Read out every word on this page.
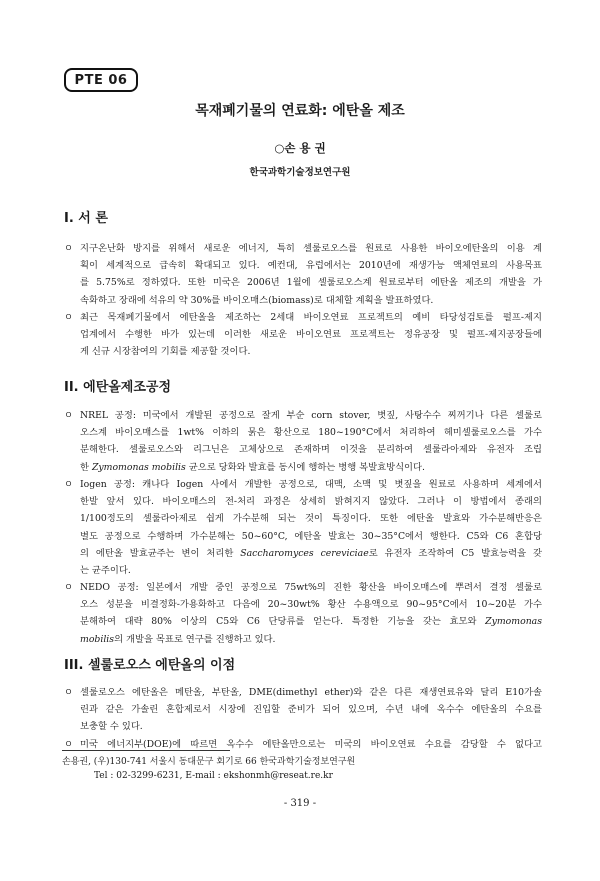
PTE 06
목재폐기물의 연료화: 에탄올 제조
○손 용 권
한국과학기술정보연구원
I. 서 론
ㅇ 지구온난화 방지를 위해서 새로운 에너지, 특히 셀룰로오스를 원료로 사용한 바이오에탄올의 이용 계
획이 세계적으로 급속히 확대되고 있다. 예컨대, 유럽에서는 2010년에 재생가능 액체연료의 사용목표
를 5.75%로 정하였다. 또한 미국은 2006년 1월에 셀룰로오스계 원료로부터 에탄올 제조의 개발을 가
속화하고 장래에 석유의 약 30%를 바이오매스(biomass)로 대체할 계획을 발표하였다.
ㅇ 최근 목재폐기물에서 에탄올을 제조하는 2세대 바이오연료 프로젝트의 예비 타당성검토를 펄프-제지
업계에서 수행한 바가 있는데 이러한 새로운 바이오연료 프로젝트는 정유공장 및 펄프-제지공장들에
게 신규 시장참여의 기회를 제공할 것이다.
II. 에탄올제조공정
ㅇ NREL 공정: 미국에서 개발된 공정으로 잘게 부순 corn stover, 볏짚, 사탕수수 찌꺼기나 다른 셀룰로
오스계 바이오매스를 1wt% 이하의 묽은 황산으로 180~190°C에서 처리하여 헤미셀룰로오스를 가수
분해한다. 셀룰로오스와 리그닌은 고체상으로 존재하며 이것을 분리하여 셀룰라아제와 유전자 조립
한 Zymomonas mobilis 균으로 당화와 발효를 동시에 행하는 병행 복발효방식이다.
ㅇ Iogen 공정: 캐나다 Iogen 사에서 개발한 공정으로, 대맥, 소맥 및 볏짚을 원료로 사용하며 세계에서
한발 앞서 있다. 바이오매스의 전-처리 과정은 상세히 밝혀지지 않았다. 그러나 이 방법에서 종래의
1/100정도의 셀룰라아제로 쉽게 가수분해 되는 것이 특징이다. 또한 에탄올 발효와 가수분해반응은
별도 공정으로 수행하며 가수분해는 50~60°C, 에탄올 발효는 30~35°C에서 행한다. C5와 C6 혼합당
의 에탄올 발효균주는 변이 처리한 Saccharomyces cereviciae로 유전자 조작하여 C5 발효능력을 갖
는 균주이다.
ㅇ NEDO 공정: 일본에서 개발 중인 공정으로 75wt%의 진한 황산을 바이오매스에 뿌려서 결정 셀룰로
오스 성분을 비결정화-가용화하고 다음에 20~30wt% 황산 수용액으로 90~95°C에서 10~20분 가수
분해하여 대략 80% 이상의 C5와 C6 단당류를 얻는다. 특정한 기능을 갖는 효모와 Zymomonas
mobilis의 개발을 목표로 연구를 진행하고 있다.
III. 셀룰로오스 에탄올의 이점
ㅇ 셀룰로오스 에탄올은 메탄올, 부탄올, DME(dimethyl ether)와 같은 다른 재생연료유와 달리 E10가솔
린과 같은 가솔린 혼합제로서 시장에 진입할 준비가 되어 있으며, 수년 내에 옥수수 에탄올의 수요를
보충할 수 있다.
ㅇ 미국 에너지부(DOE)에 따르면 옥수수 에탄올만으로는 미국의 바이오연료 수요를 감당할 수 없다고
손용권, (우)130-741 서울시 동대문구 회기로 66 한국과학기술정보연구원
Tel : 02-3299-6231, E-mail : ekshonmh@reseat.re.kr
- 319 -
